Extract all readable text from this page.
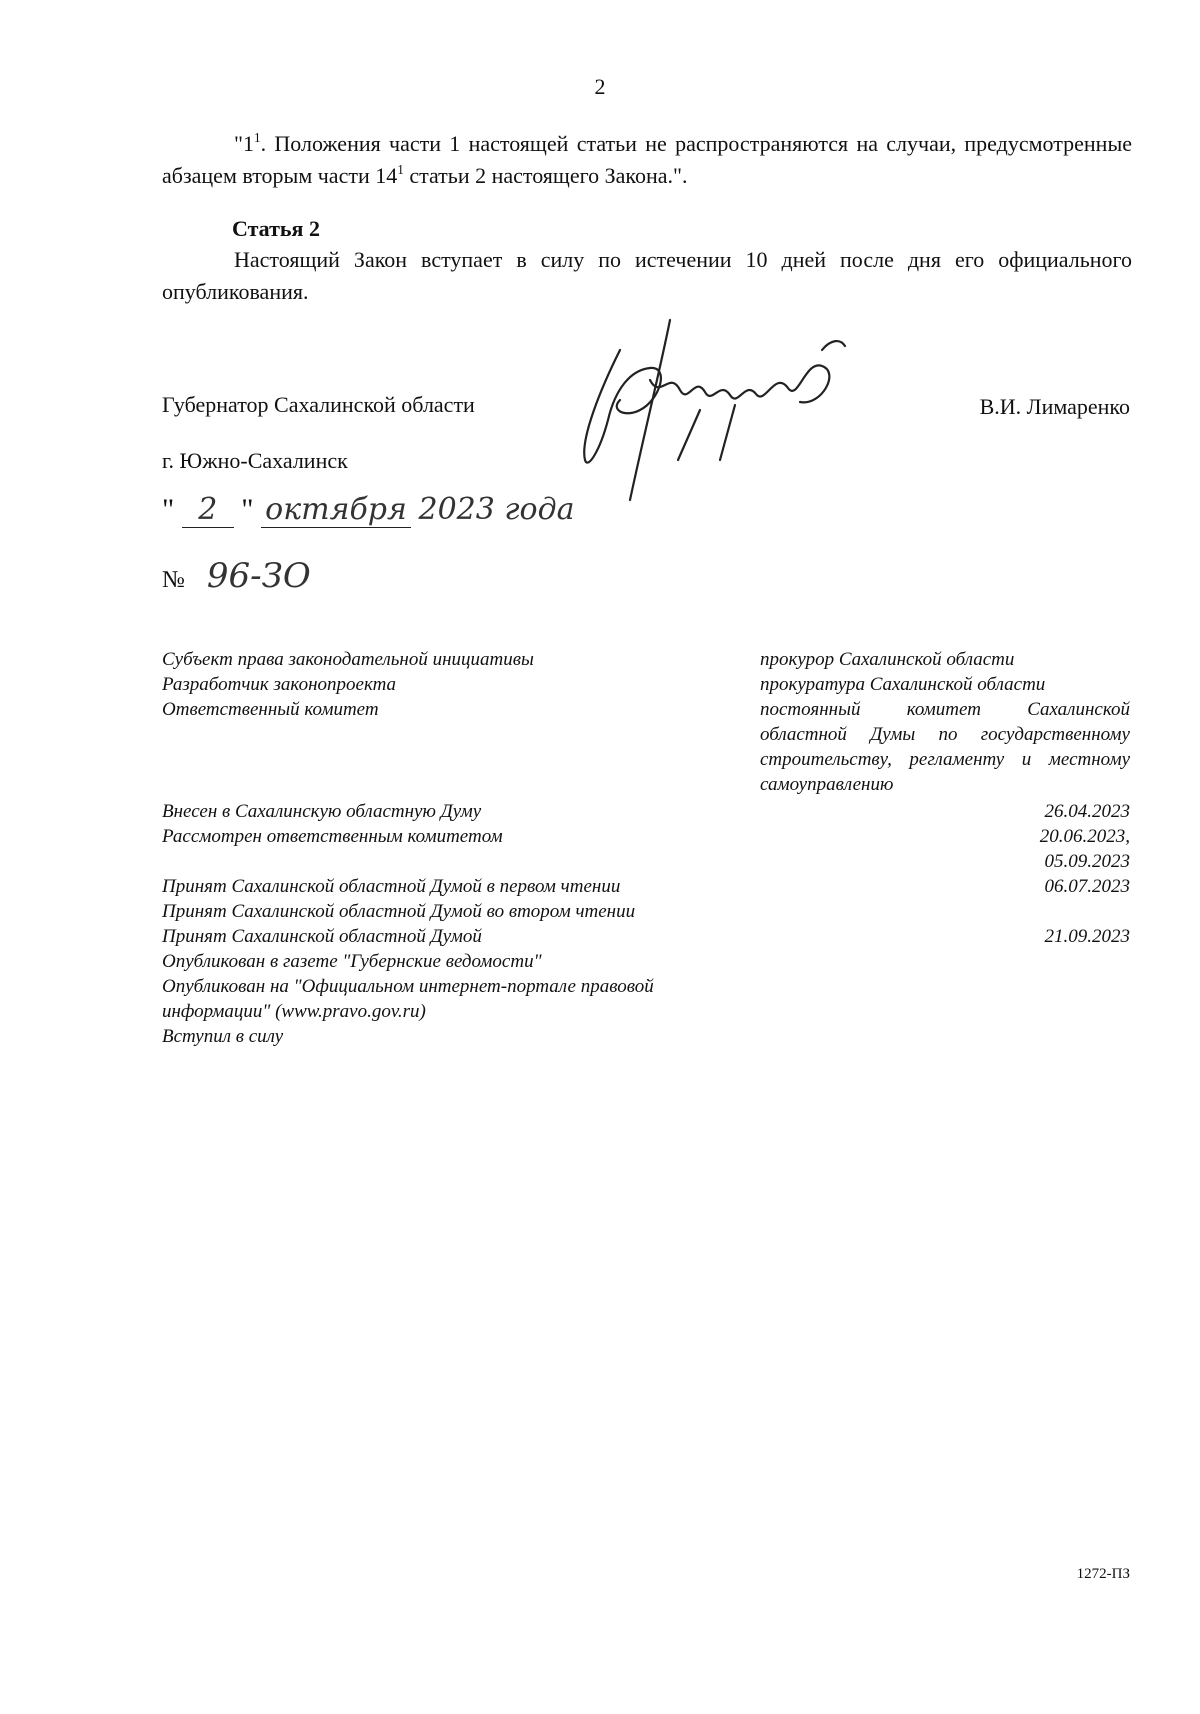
2
"$1^1$. Положения части 1 настоящей статьи не распространяются на случаи, предусмотренные абзацем вторым части $14^1$ статьи 2 настоящего Закона.".
Статья 2
Настоящий Закон вступает в силу по истечении 10 дней после дня его официального опубликования.
Губернатор Сахалинской области	В.И. Лимаренко
г. Южно-Сахалинск
" 2 " октября 2023 года
№ 96-ЗО
Субъект права законодательной инициативы
Разработчик законопроекта
Ответственный комитет
прокурор Сахалинской области
прокуратура Сахалинской области
постоянный комитет Сахалинской областной Думы по государственному строительству, регламенту и местному самоуправлению
Внесен в Сахалинскую областную Думу
Рассмотрен ответственным комитетом
Принят Сахалинской областной Думой в первом чтении
Принят Сахалинской областной Думой во втором чтении
Принят Сахалинской областной Думой
Опубликован в газете "Губернские ведомости"
Опубликован на "Официальном интернет-портале правовой информации" (www.pravo.gov.ru)
Вступил в силу
26.04.2023
20.06.2023,
05.09.2023
06.07.2023
21.09.2023
1272-ПЗ
